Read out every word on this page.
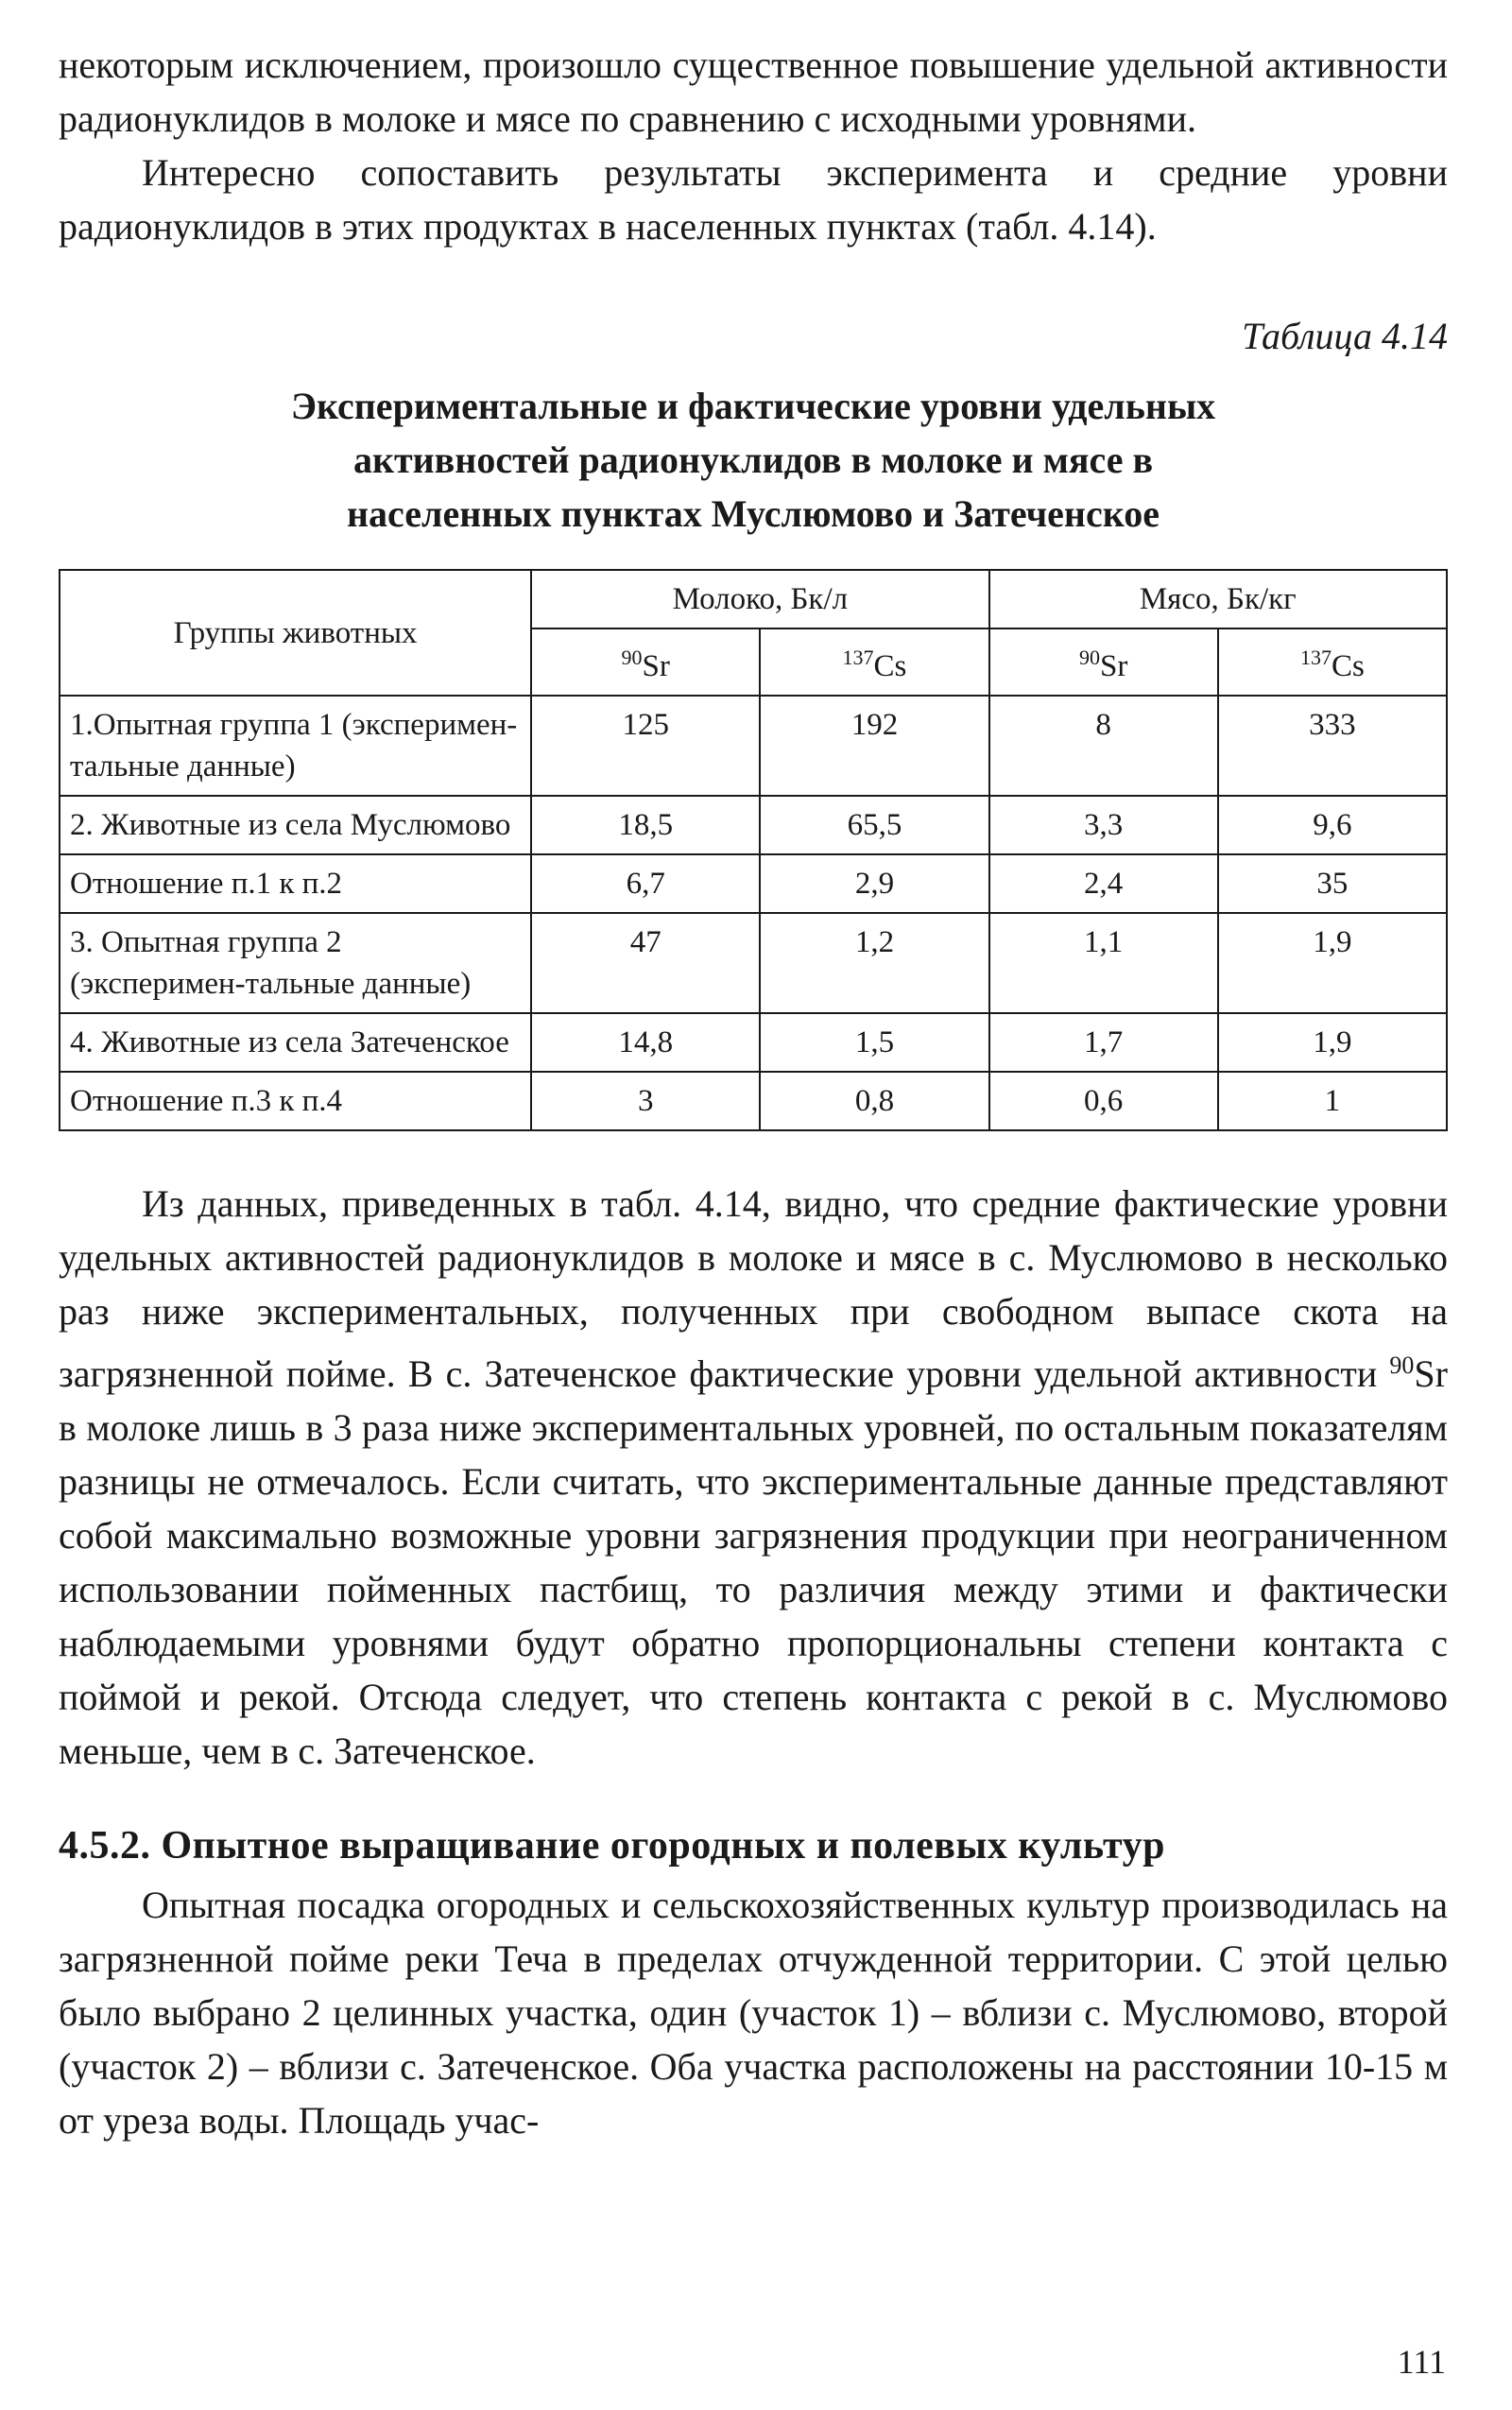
некоторым исключением, произошло существенное повышение удельной активности радионуклидов в молоке и мясе по сравнению с исходными уровнями.

Интересно сопоставить результаты эксперимента и средние уровни радионуклидов в этих продуктах в населенных пунктах (табл. 4.14).

Таблица 4.14
Экспериментальные и фактические уровни удельных
активностей радионуклидов в молоке и мясе в
населенных пунктах Муслюмово и Затеченское
Группы животных	Молоко, Бк/л		Мясо, Бк/кг	
	$^{90}$Sr	$^{137}$Cs	$^{90}$Sr	$^{137}$Cs
1.Опытная группа 1 (эксперимен-тальные данные)	125	192	8	333
2. Животные из села Муслюмово	18,5	65,5	3,3	9,6
Отношение п.1 к п.2	6,7	2,9	2,4	35
3. Опытная группа 2 (эксперимен-тальные данные)	47	1,2	1,1	1,9
4. Животные из села Затеченское	14,8	1,5	1,7	1,9
Отношение п.3 к п.4	3	0,8	0,6	1

Из данных, приведенных в табл. 4.14, видно, что средние фактические уровни удельных активностей радионуклидов в молоке и мясе в с. Муслюмово в несколько раз ниже экспериментальных, полученных при свободном выпасе скота на загрязненной пойме. В с. Затеченское фактические уровни удельной активности $^{90}$Sr в молоке лишь в 3 раза ниже экспериментальных уровней, по остальным показателям разницы не отмечалось. Если считать, что экспериментальные данные представляют собой максимально возможные уровни загрязнения продукции при неограниченном использовании пойменных пастбищ, то различия между этими и фактически наблюдаемыми уровнями будут обратно пропорциональны степени контакта с поймой и рекой. Отсюда следует, что степень контакта с рекой в с. Муслюмово меньше, чем в с. Затеченское.

4.5.2. Опытное выращивание огородных и полевых культур

Опытная посадка огородных и сельскохозяйственных культур производилась на загрязненной пойме реки Теча в пределах отчужденной территории. С этой целью было выбрано 2 целинных участка, один (участок 1) – вблизи с. Муслюмово, второй (участок 2) – вблизи с. Затеченское. Оба участка расположены на расстоянии 10-15 м от уреза воды. Площадь учас-

111
